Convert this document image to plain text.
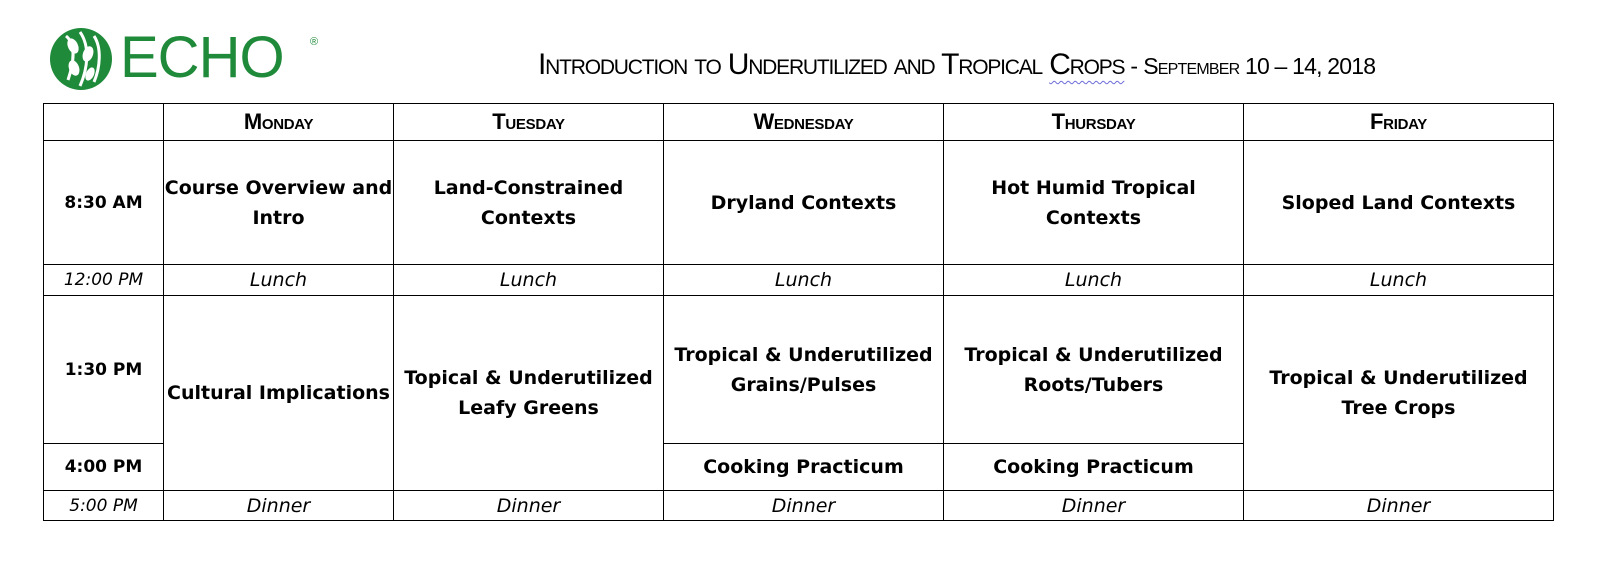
ECHO ®
Introduction to Underutilized and Tropical Crops - September 10 – 14, 2018
	Monday	Tuesday	Wednesday	Thursday	Friday
8:30 AM	Course Overview and Intro	Land-Constrained Contexts	Dryland Contexts	Hot Humid Tropical Contexts	Sloped Land Contexts
12:00 PM	Lunch	Lunch	Lunch	Lunch	Lunch
1:30 PM	Cultural Implications	Topical & Underutilized Leafy Greens	Tropical & Underutilized Grains/Pulses	Tropical & Underutilized Roots/Tubers	Tropical & Underutilized Tree Crops
4:00 PM			Cooking Practicum	Cooking Practicum	
5:00 PM	Dinner	Dinner	Dinner	Dinner	Dinner
